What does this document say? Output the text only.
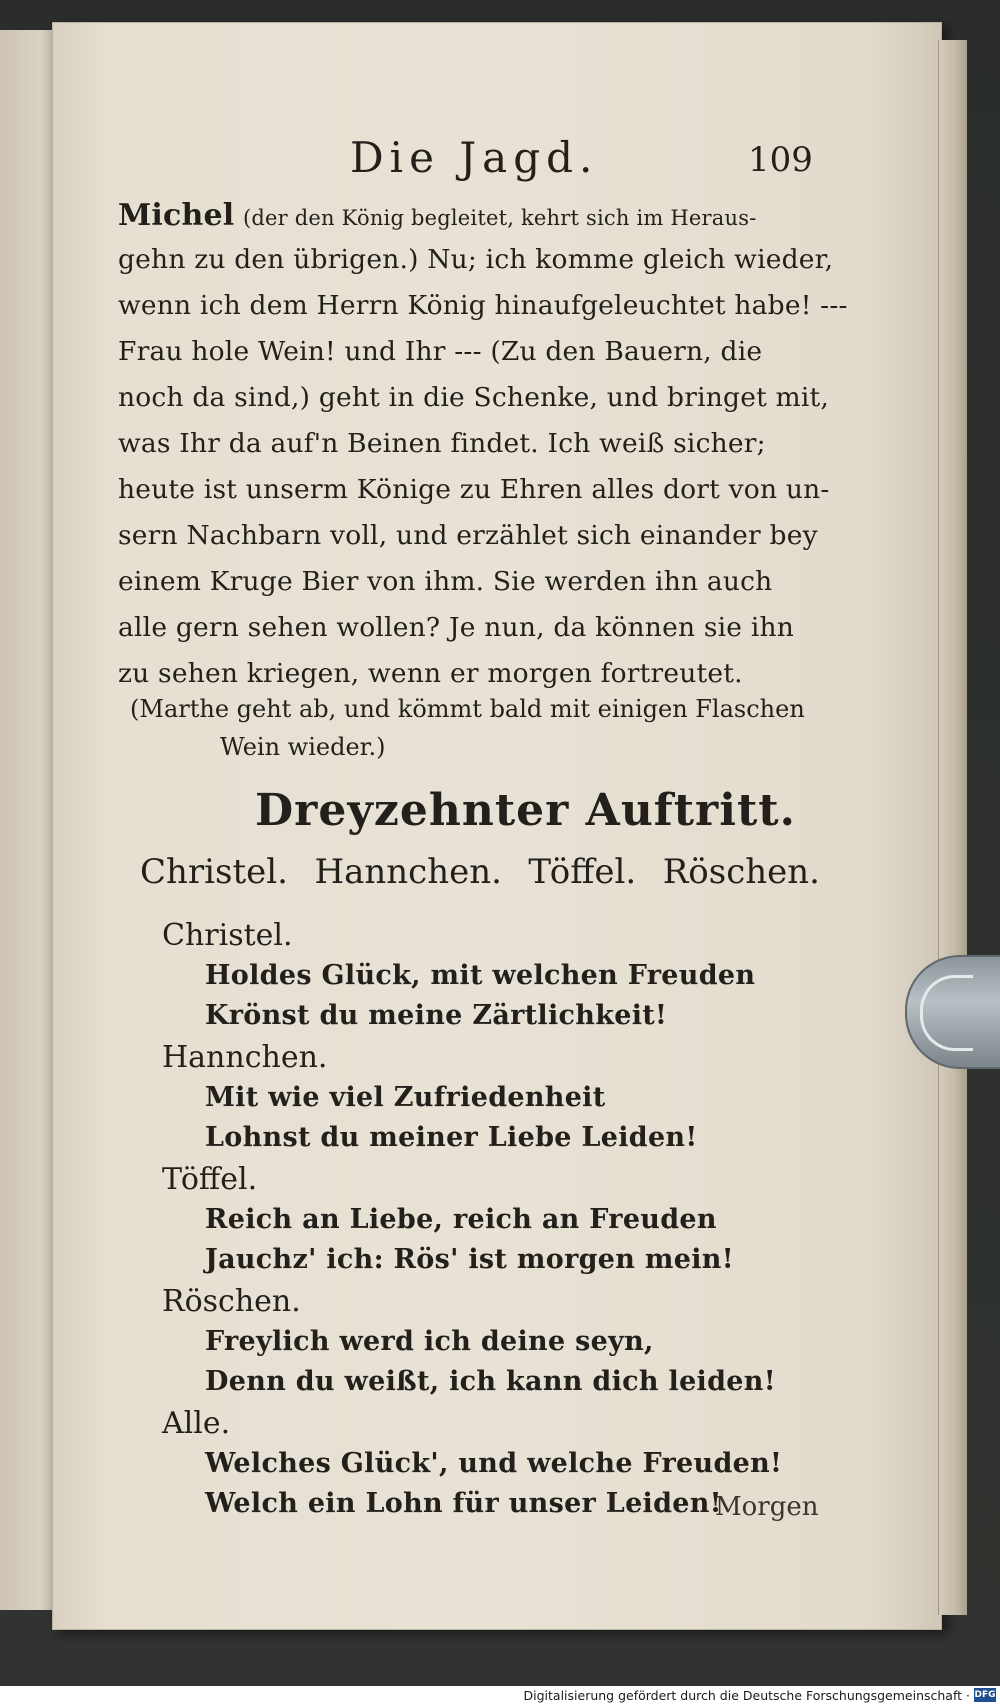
Die Jagd.	109
Michel (der den König begleitet, kehrt sich im Heraus-
gehn zu den übrigen.) Nu; ich komme gleich wieder,
wenn ich dem Herrn König hinaufgeleuchtet habe! ---
Frau hole Wein! und Ihr --- (Zu den Bauern, die
noch da sind,) geht in die Schenke, und bringet mit,
was Ihr da auf'n Beinen findet. Ich weiß sicher;
heute ist unserm Könige zu Ehren alles dort von un-
sern Nachbarn voll, und erzählet sich einander bey
einem Kruge Bier von ihm. Sie werden ihn auch
alle gern sehen wollen? Je nun, da können sie ihn
zu sehen kriegen, wenn er morgen fortreutet.
(Marthe geht ab, und kömmt bald mit einigen Flaschen
Wein wieder.)
Dreyzehnter Auftritt.
Christel. Hannchen. Töffel. Röschen.
Christel.
Holdes Glück, mit welchen Freuden
Krönst du meine Zärtlichkeit!
Hannchen.
Mit wie viel Zufriedenheit
Lohnst du meiner Liebe Leiden!
Töffel.
Reich an Liebe, reich an Freuden
Jauchz' ich: Rös' ist morgen mein!
Röschen.
Freylich werd ich deine seyn,
Denn du weißt, ich kann dich leiden!
Alle.
Welches Glück', und welche Freuden!
Welch ein Lohn für unser Leiden!
Morgen
Digitalisierung gefördert durch die Deutsche Forschungsgemeinschaft · DFG
